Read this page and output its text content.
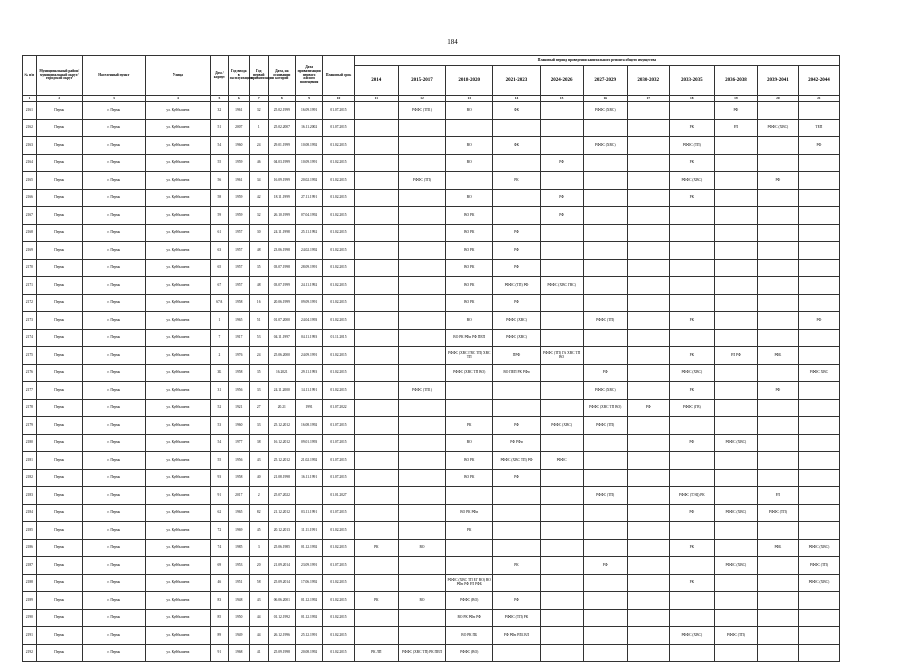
184
№ п/п	Муниципальный район/муниципальный округ/городской округ	Населенный пункт	Улица	Дом / корпус	Год ввода в эксплуатацию	Год первой приватизации	Дата, на основании которой	Дата приватизации первого жилого помещения	Плановый срок	Плановый период проведения капитального ремонта общего имущества										
										2014	2015-2017	2018-2020	2021-2023	2024-2026	2027-2029	2030-2032	2033-2035	2036-2038	2039-2041	2042-2044
1	2	3	4	5	6	7	8	9	10	11	12	13	14	15	16	17	18	19	20	21
2161	Пермь	г. Пермь	ул. Куйбышева	32	1961	32	25.02.1999	16.09.1991	01.07.2015		РФФС (ТП1)	ВО	ФК		РФФС (ХВС)			РФ		
2162	Пермь	г. Пермь	ул. Куйбышева	51	2007	1	25.02.2007	16.11.2002	01.07.2015								РК	РЛ	РФФС (ХВС)	ТЕП
2163	Пермь	г. Пермь	ул. Куйбышева	54	1960	24	29.01.1999	10.08.1992	01.02.2015			ВО	ФК		РФФС (ХВС)		РФФС (ТП)			РФ
2164	Пермь	г. Пермь	ул. Куйбышева	55	1959	46	04.03.1999	10.09.1991	01.02.2015			ВО		РФ			РК			
2165	Пермь	г. Пермь	ул. Куйбышева	56	1961	34	16.09.1999	20.02.1992	01.02.2015		РФФС (ТП)		РК				РФФС (ХВС)		РФ	
2166	Пермь	г. Пермь	ул. Куйбышева	58	1959	42	18.11.1999	27.11.1991	01.02.2015			ВО		РФ			РК			
2167	Пермь	г. Пермь	ул. Куйбышева	59	1959	32	26.10.1999	07.04.1992	01.02.2015			ВО РК		РФ						
2168	Пермь	г. Пермь	ул. Куйбышева	61	1957	30	24.11.1998	25.11.1992	01.02.2015			ВО РК	РФ							
2169	Пермь	г. Пермь	ул. Куйбышева	63	1957	48	23.06.1998	24.02.1992	01.02.2015			ВО РК	РФ							
2170	Пермь	г. Пермь	ул. Куйбышева	65	1957	35	03.07.1998	28.09.1991	01.02.2015			ВО РК	РФ							
2171	Пермь	г. Пермь	ул. Куйбышева	67	1957	48	03.07.1999	24.11.1992	01.02.2015			ВО РК	РФФС (ТП) РФ	РФФС (ХВС ГВС)						
2172	Пермь	г. Пермь	ул. Куйбышева	67А	1958	16	20.06.1999	09.09.1991	01.02.2015			ВО РК	РФ							
2173	Пермь	г. Пермь	ул. Куйбышева	1	1965	51	01.07.2000	24.04.1993	01.02.2015			ВО	РФФС (ХВС)		РФФС (ТП)		РК			РФ
2174	Пермь	г. Пермь	ул. Куйбышева	7	1917	53	04.11.1997	04.11.1993	01.11.2015			ВО РК РФи РФ ПЕП	РФФС (ХВС)							
2175	Пермь	г. Пермь	ул. Куйбышева	2	1976	24	25.06.2000	24.09.1991	01.02.2015			РФФС (ХВС ГВС ТП) ХВС ТП	ПРФ	РФФС (ТП) ГА ХВС ТП ВО			РК	РЛ РФ	РФБ	
2176	Пермь	г. Пермь	ул. Куйбышева	3Б	1958	35	16.2021	29.11.1993	01.02.2015			РФФС (ХВС ТП ВО)	ВО ПЕП РК РФи		РФ		РФФС (ХВС)			РФФС ХВС
2177	Пермь	г. Пермь	ул. Куйбышева	31	1956	33	24.11.2000	14.11.1991	01.02.2015		РФФС (ТП1)				РФФС (ХВС)		РК		РФ	
2178	Пермь	г. Пермь	ул. Куйбышева	52	1921	27	20.21	1991	01.07.2022						РФФС (ХВС ТП ВО)	РФ	РФФС (ГВ)			
2179	Пермь	г. Пермь	ул. Куйбышева	53	1960	33	25.12.2012	16.08.1992	01.07.2015			РК	РФ	РФФС (ХВС)	РФФС (ТП)					
2180	Пермь	г. Пермь	ул. Куйбышева	54	1977	38	16.12.2012	09.01.1993	01.07.2015			ВО	РФ РФи				РФ	РФФС (ХВС)		
2181	Пермь	г. Пермь	ул. Куйбышева	55	1956	43	25.12.2012	21.02.1992	01.07.2015			ВО РК	РФФС (ХВС ТП) РФ	РФФС						
2182	Пермь	г. Пермь	ул. Куйбышева	93	1958	40	21.08.1998	16.11.1991	01.07.2015			ВО РК	РФ							
2183	Пермь	г. Пермь	ул. Куйбышева	91	2017	2	25.07.2022		01.01.2027						РФФС (ТП)		РФФС (ТЭЦ) РК		РЛ	
2184	Пермь	г. Пермь	ул. Куйбышева	62	1965	82	21.12.2012	03.11.1991	01.07.2015			ВО РК РФи					РФ	РФФС (ХВС)	РФФС (ТП)	
2185	Пермь	г. Пермь	ул. Куйбышева	72	1969	45	20.12.2013	11.11.1991	01.02.2015			РК								
2186	Пермь	г. Пермь	ул. Куйбышева	74	1985	3	25.06.1985	01.12.1992	01.02.2015	РК	ВО						РК		РФБ	РФФС (ХВС)
2187	Пермь	г. Пермь	ул. Куйбышева	69	1953	20	21.09.2014	23.09.1991	01.07.2015				РК		РФ			РФФС (ХВС)		РФФС (ТП)
2188	Пермь	г. Пермь	ул. Куйбышева	46	1951	58	25.09.2014	17.06.1992	01.02.2015			РФФС (ХВС ТП ЕГ ВО) ВО РФи РФ РЛ РФБ					РК			РФФС (ХВС)
2189	Пермь	г. Пермь	ул. Куйбышева	83	1948	43	06.06.2001	01.12.1992	01.02.2015	РК	ВО	РФФС (ВО)	РФ							
2190	Пермь	г. Пермь	ул. Куйбышева	85	1950	44	01.12.1992	01.12.1992	01.02.2015			ВО РК РФи РФ	РФФС (ТП) РК							
2191	Пермь	г. Пермь	ул. Куйбышева	89	1949	44	26.12.1996	25.12.1991	01.02.2015			ВО РК ПБ	РФ РФи РЛБ ВЛ				РФФС (ХВС)	РФФС (ТП)		
2192	Пермь	г. Пермь	ул. Куйбышева	91	1968	41	25.09.1998	20.08.1992	01.02.2015	РК ЛП	РФФС (ХВС ТП) РК ПЕП	РФФС (ВО)								
